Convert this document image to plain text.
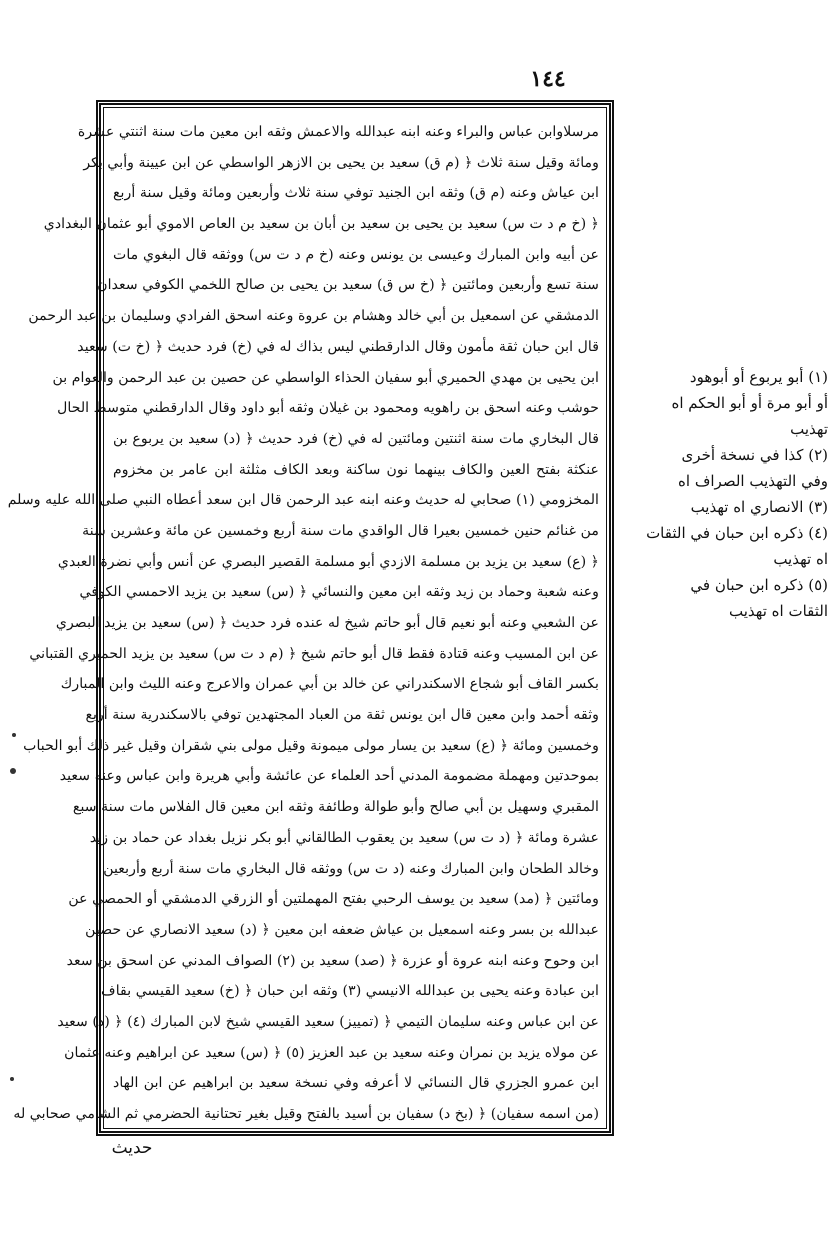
١٤٤
مرسلاوابن عباس والبراء وعنه ابنه عبدالله والاعمش وثقه ابن معين مات سنة اثنتي عشرة
ومائة وقيل سنة ثلاث ﴿ (م ق) سعيد بن يحيى بن الازهر الواسطي عن ابن عيينة وأبي بكر
ابن عياش وعنه (م ق) وثقه ابن الجنيد توفي سنة ثلاث وأربعين ومائة وقيل سنة أربع
﴿ (خ م د ت س) سعيد بن يحيى بن سعيد بن أبان بن سعيد بن العاص الاموي أبو عثمان البغدادي
عن أبيه وابن المبارك وعيسى بن يونس وعنه (خ م د ت س) ووثقه قال البغوي مات
سنة تسع وأربعين ومائتين ﴿ (خ س ق) سعيد بن يحيى بن صالح اللخمي الكوفي سعدان
الدمشقي عن اسمعيل بن أبي خالد وهشام بن عروة وعنه اسحق الفرادي وسليمان بن عبد الرحمن
قال ابن حبان ثقة مأمون وقال الدارقطني ليس بذاك له في (خ) فرد حديث ﴿ (خ ت) سعيد
ابن يحيى بن مهدي الحميري أبو سفيان الحذاء الواسطي عن حصين بن عبد الرحمن والعوام بن
حوشب وعنه اسحق بن راهويه ومحمود بن غيلان وثقه أبو داود وقال الدارقطني متوسط الحال
قال البخاري مات سنة اثنتين ومائتين له في (خ) فرد حديث ﴿ (د) سعيد بن يربوع بن
عنكثة بفتح العين والكاف بينهما نون ساكنة وبعد الكاف مثلثة ابن عامر بن مخزوم
المخزومي (١) صحابي له حديث وعنه ابنه عبد الرحمن قال ابن سعد أعطاه النبي صلى الله عليه وسلم
من غنائم حنين خمسين بعيرا قال الواقدي مات سنة أربع وخمسين عن مائة وعشرين سنة
﴿ (ع) سعيد بن يزيد بن مسلمة الازدي أبو مسلمة القصير البصري عن أنس وأبي نضرة العبدي
وعنه شعبة وحماد بن زيد وثقه ابن معين والنسائي ﴿ (س) سعيد بن يزيد الاحمسي الكوفي
عن الشعبي وعنه أبو نعيم قال أبو حاتم شيخ له عنده فرد حديث ﴿ (س) سعيد بن يزيد البصري
عن ابن المسيب وعنه قتادة فقط قال أبو حاتم شيخ ﴿ (م د ت س) سعيد بن يزيد الحميري القتباني
بكسر القاف أبو شجاع الاسكندراني عن خالد بن أبي عمران والاعرج وعنه الليث وابن المبارك
وثقه أحمد وابن معين قال ابن يونس ثقة من العباد المجتهدين توفي بالاسكندرية سنة أربع
وخمسين ومائة ﴿ (ع) سعيد بن يسار مولى ميمونة وقيل مولى بني شقران وقيل غير ذلك أبو الحباب
بموحدتين ومهملة مضمومة المدني أحد العلماء عن عائشة وأبي هريرة وابن عباس وعنه سعيد
المقبري وسهيل بن أبي صالح وأبو طوالة وطائفة وثقه ابن معين قال الفلاس مات سنة سبع
عشرة ومائة ﴿ (د ت س) سعيد بن يعقوب الطالقاني أبو بكر نزيل بغداد عن حماد بن زيد
وخالد الطحان وابن المبارك وعنه (د ت س) ووثقه قال البخاري مات سنة أربع وأربعين
ومائتين ﴿ (مد) سعيد بن يوسف الرحبي بفتح المهملتين أو الزرقي الدمشقي أو الحمصي عن
عبدالله بن بسر وعنه اسمعيل بن عياش ضعفه ابن معين ﴿ (د) سعيد الانصاري عن حصين
ابن وحوح وعنه ابنه عروة أو عزرة ﴿ (صد) سعيد بن (٢) الصواف المدني عن اسحق بن سعد
ابن عبادة وعنه يحيى بن عبدالله الانيسي (٣) وثقه ابن حبان ﴿ (خ) سعيد القيسي بقاف
عن ابن عباس وعنه سليمان التيمي ﴿ (تمييز) سعيد القيسي شيخ لابن المبارك (٤) ﴿ (د) سعيد
عن مولاه يزيد بن نمران وعنه سعيد بن عبد العزيز (٥) ﴿ (س) سعيد عن ابراهيم وعنه عثمان
ابن عمرو الجزري قال النسائي لا أعرفه وفي نسخة سعيد بن ابراهيم عن ابن الهاد
(من اسمه سفيان) ﴿ (بخ د) سفيان بن أسيد بالفتح وقيل بغير تحتانية الحضرمي ثم الشامي صحابي له
(١) أبو يربوع أو أبوهود
أو أبو مرة أو أبو الحكم اه
تهذيب
(٢) كذا في نسخة أخرى
وفي التهذيب الصراف اه
(٣) الانصاري اه تهذيب
(٤) ذكره ابن حبان في الثقات
اه تهذيب
(٥) ذكره ابن حبان في
الثقات اه تهذيب
حديث
